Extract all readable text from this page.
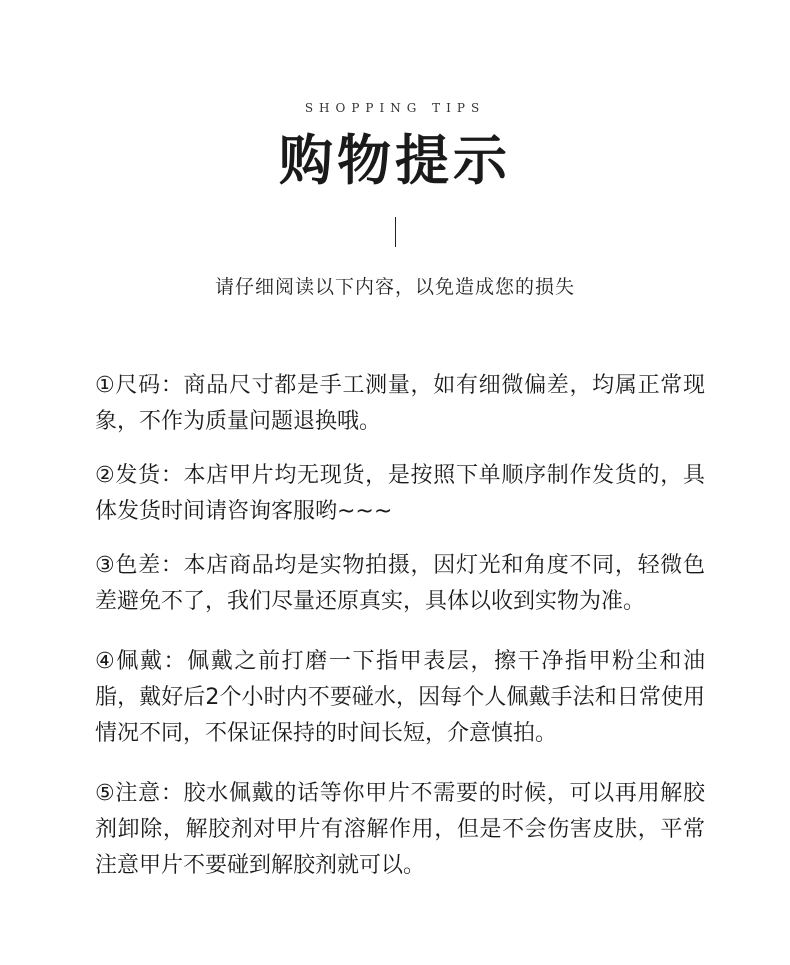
SHOPPING TIPS
购物提示
请仔细阅读以下内容，以免造成您的损失

①尺码：商品尺寸都是手工测量，如有细微偏差，均属正常现象，不作为质量问题退换哦。

②发货：本店甲片均无现货，是按照下单顺序制作发货的，具体发货时间请咨询客服哟~~~

③色差：本店商品均是实物拍摄，因灯光和角度不同，轻微色差避免不了，我们尽量还原真实，具体以收到实物为准。

④佩戴：佩戴之前打磨一下指甲表层，擦干净指甲粉尘和油脂，戴好后2个小时内不要碰水，因每个人佩戴手法和日常使用情况不同，不保证保持的时间长短，介意慎拍。

⑤注意：胶水佩戴的话等你甲片不需要的时候，可以再用解胶剂卸除，解胶剂对甲片有溶解作用，但是不会伤害皮肤，平常注意甲片不要碰到解胶剂就可以。
